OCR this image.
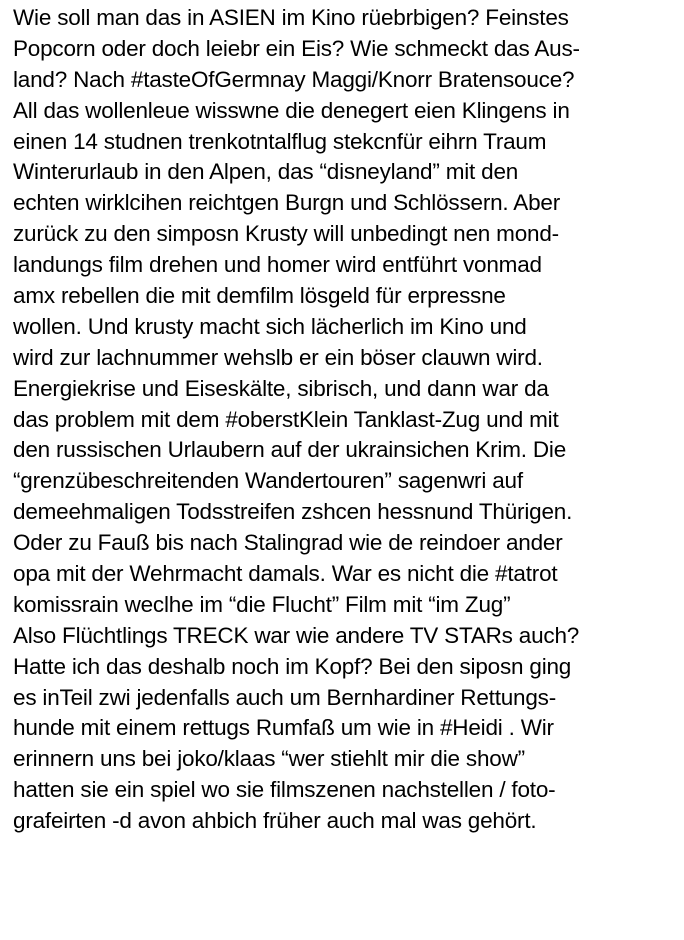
Wie soll man das in ASIEN im Kino rüebrbigen? Feinstes
Popcorn oder doch leiebr ein Eis? Wie schmeckt das Aus-
land? Nach #tasteOfGermnay Maggi/Knorr Bratensouce?
All das wollenleue wisswne die denegert eien Klingens in
einen 14 studnen trenkotntalflug stekcnfür eihrn Traum
Winterurlaub in den Alpen, das “disneyland” mit den
echten wirklcihen reichtgen Burgn und Schlössern. Aber
zurück zu den simposn Krusty will unbedingt nen mond-
landungs film drehen und homer wird entführt vonmad
amx rebellen die mit demfilm lösgeld für erpressne
wollen. Und krusty macht sich lächerlich im Kino und
wird zur lachnummer wehslb er ein böser clauwn wird.
Energiekrise und Eiseskälte, sibrisch, und dann war da
das problem mit dem #oberstKlein Tanklast-Zug und mit
den russischen Urlaubern auf der ukrainsichen Krim. Die
“grenzübeschreitenden Wandertouren” sagenwri auf
demeehmaligen Todsstreifen zshcen hessnund Thürigen.
Oder zu Fauß bis nach Stalingrad wie de reindoer ander
opa mit der Wehrmacht damals. War es nicht die #tatrot
komissrain weclhe im “die Flucht” Film mit “im Zug”
Also Flüchtlings TRECK war wie andere TV STARs auch?
Hatte ich das deshalb noch im Kopf? Bei den siposn ging
es inTeil zwi jedenfalls auch um Bernhardiner Rettungs-
hunde mit einem rettugs Rumfaß um wie in #Heidi . Wir
erinnern uns bei joko/klaas “wer stiehlt mir die show”
hatten sie ein spiel wo sie filmszenen nachstellen / foto-
grafeirten -d avon ahbich früher auch mal was gehört.
